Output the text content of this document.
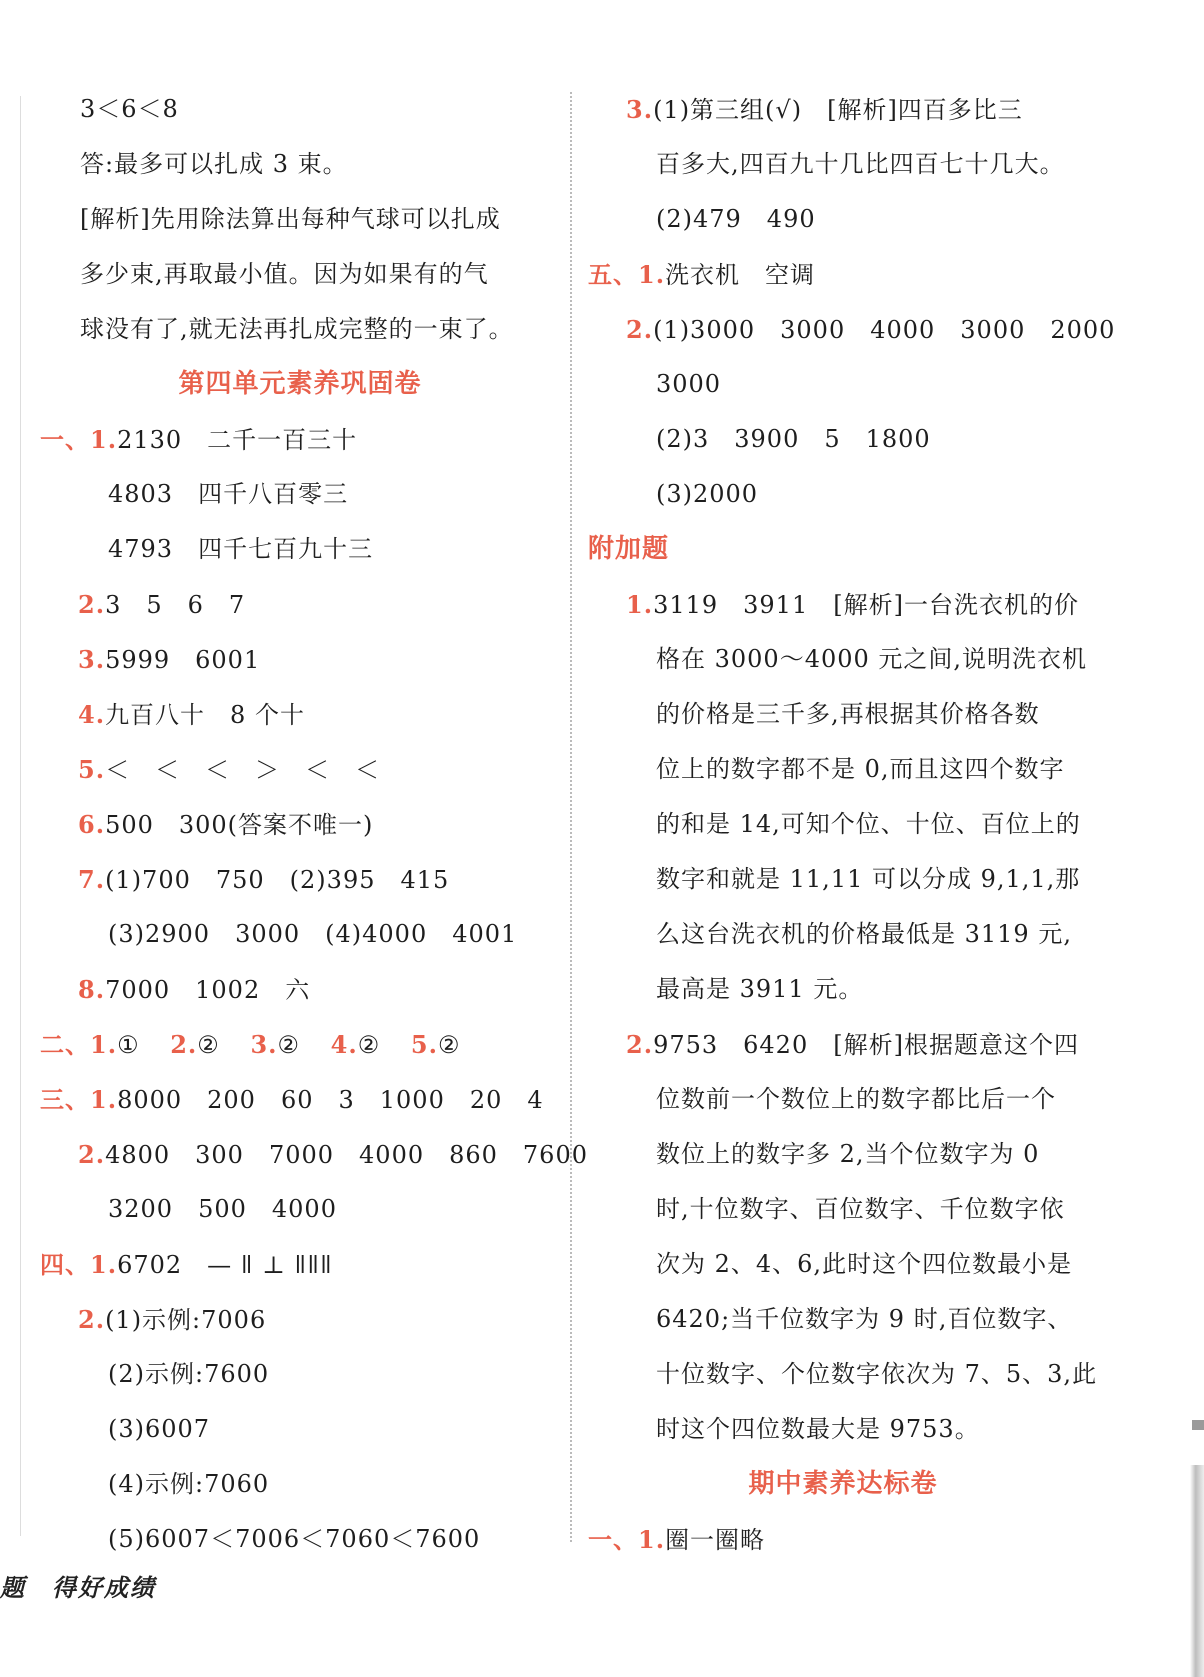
3＜6＜8
答:最多可以扎成 3 束。
[解析]先用除法算出每种气球可以扎成
多少束,再取最小值。因为如果有的气
球没有了,就无法再扎成完整的一束了。
第四单元素养巩固卷
一、1.2130　二千一百三十
4803　四千八百零三
4793　四千七百九十三
2.3　5　6　7
3.5999　6001
4.九百八十　8 个十
5.＜　＜　＜　＞　＜　＜
6.500　300(答案不唯一)
7.(1)700　750　(2)395　415
(3)2900　3000　(4)4000　4001
8.7000　1002　六
二、1.① 2.② 3.② 4.② 5.②
三、1.8000　200　60　3　1000　20　4
2.4800　300　7000　4000　860　7600
3200　500　4000
四、1.6702　— ǁ ⊥ ǁǁǁ
2.(1)示例:7006
(2)示例:7600
(3)6007
(4)示例:7060
(5)6007＜7006＜7060＜7600
3.(1)第三组(√)　[解析]四百多比三
百多大,四百九十几比四百七十几大。
(2)479　490
五、1.洗衣机　空调
2.(1)3000　3000　4000　3000　2000
3000
(2)3　3900　5　1800
(3)2000
附加题
1.3119　3911　[解析]一台洗衣机的价
格在 3000～4000 元之间,说明洗衣机
的价格是三千多,再根据其价格各数
位上的数字都不是 0,而且这四个数字
的和是 14,可知个位、十位、百位上的
数字和就是 11,11 可以分成 9,1,1,那
么这台洗衣机的价格最低是 3119 元,
最高是 3911 元。
2.9753　6420　[解析]根据题意这个四
位数前一个数位上的数字都比后一个
数位上的数字多 2,当个位数字为 0
时,十位数字、百位数字、千位数字依
次为 2、4、6,此时这个四位数最小是
6420;当千位数字为 9 时,百位数字、
十位数字、个位数字依次为 7、5、3,此
时这个四位数最大是 9753。
期中素养达标卷
一、1.圈一圈略
题　得好成绩
